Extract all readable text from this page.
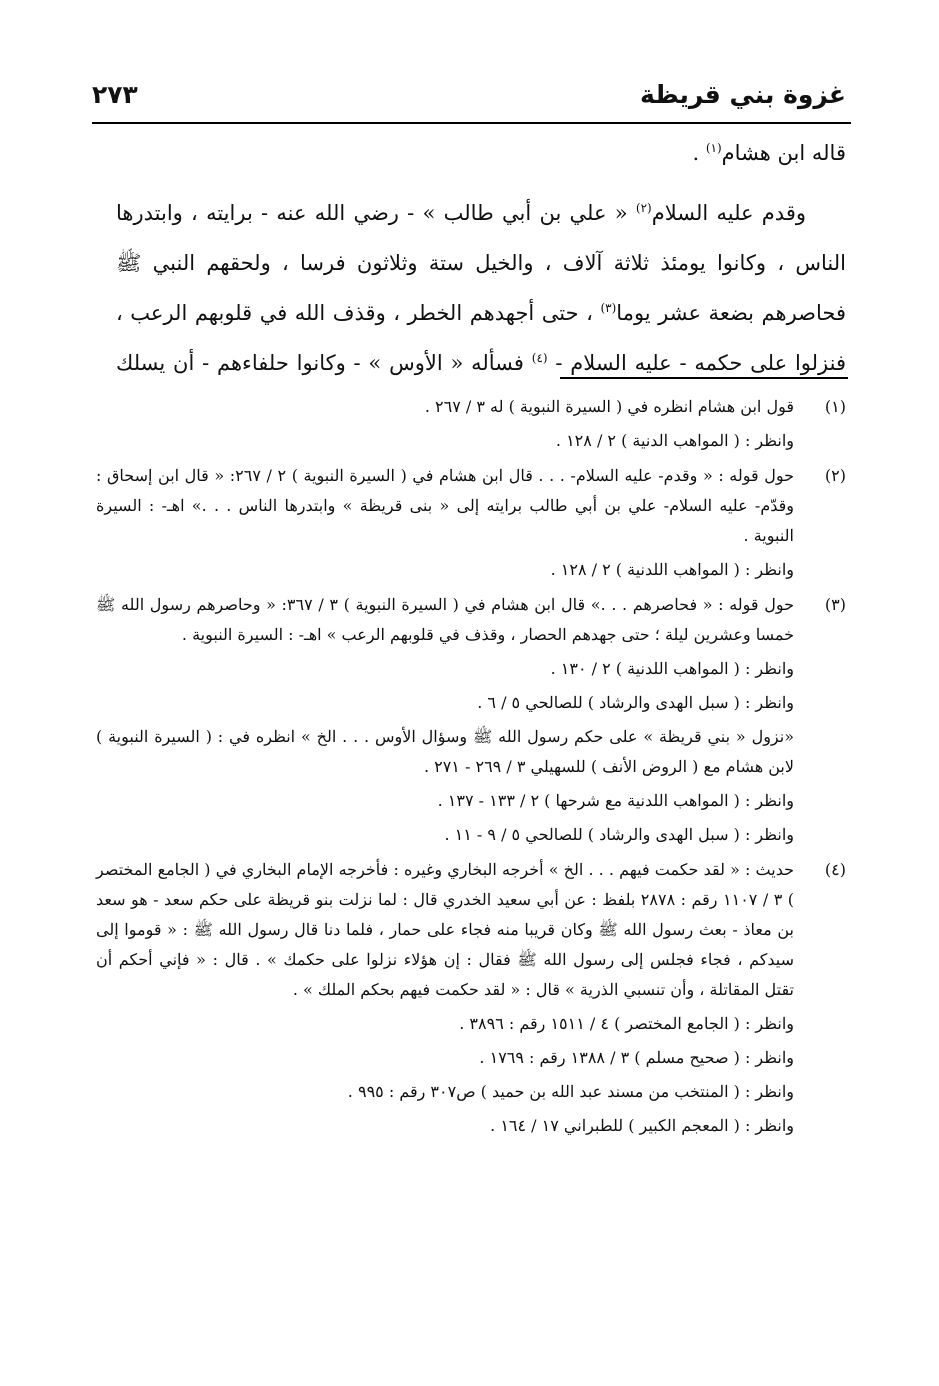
غزوة بني قريظة
٢٧٣

قاله ابن هشام$^{(١)}$ .

وقدم عليه السلام$^{(٢)}$ « علي بن أبي طالب » - رضي الله عنه - برايته ، وابتدرها الناس ، وكانوا يومئذ ثلاثة آلاف ، والخيل ستة وثلاثون فرسا ، ولحقهم النبي ﷺ فحاصرهم بضعة عشر يوما$^{(٣)}$ ، حتى أجهدهم الخطر ، وقذف الله في قلوبهم الرعب ، فنزلوا على حكمه - عليه السلام - $^{(٤)}$ فسأله « الأوس » - وكانوا حلفاءهم - أن يسلك

(١)
قول ابن هشام انظره في ( السيرة النبوية ) له ٣ / ٢٦٧ .
وانظر : ( المواهب الدنية ) ٢ / ١٢٨ .
(٢)
حول قوله : « وقدم- عليه السلام- . . . قال ابن هشام في ( السيرة النبوية ) ٢ / ٢٦٧: « قال ابن إسحاق : وقدّم- عليه السلام- علي بن أبي طالب برايته إلى « بنى قريظة » وابتدرها الناس . . .» اهـ- : السيرة النبوية .
وانظر : ( المواهب اللدنية ) ٢ / ١٢٨ .
(٣)
حول قوله : « فحاصرهم . . .» قال ابن هشام في ( السيرة النبوية ) ٣ / ٣٦٧: « وحاصرهم رسول الله ﷺ خمسا وعشرين ليلة ؛ حتى جهدهم الحصار ، وقذف في قلوبهم الرعب » اهـ- : السيرة النبوية .
وانظر : ( المواهب اللدنية ) ٢ / ١٣٠ .
وانظر : ( سبل الهدى والرشاد ) للصالحي ٥ / ٦ .
«نزول « بني قريظة » على حكم رسول الله ﷺ وسؤال الأوس . . . الخ » انظره في : ( السيرة النبوية ) لابن هشام مع ( الروض الأنف ) للسهيلي ٣ / ٢٦٩ - ٢٧١ .
وانظر : ( المواهب اللدنية مع شرحها ) ٢ / ١٣٣ - ١٣٧ .
وانظر : ( سبل الهدى والرشاد ) للصالحي ٥ / ٩ - ١١ .
(٤)
حديث : « لقد حكمت فيهم . . . الخ » أخرجه البخاري وغيره : فأخرجه الإمام البخاري في ( الجامع المختصر ) ٣ / ١١٠٧ رقم : ٢٨٧٨ بلفظ : عن أبي سعيد الخدري قال : لما نزلت بنو قريظة على حكم سعد - هو سعد بن معاذ - بعث رسول الله ﷺ وكان قريبا منه فجاء على حمار ، فلما دنا قال رسول الله ﷺ : « قوموا إلى سيدكم ، فجاء فجلس إلى رسول الله ﷺ فقال : إن هؤلاء نزلوا على حكمك » . قال : « فإني أحكم أن تقتل المقاتلة ، وأن تنسبي الذرية » قال : « لقد حكمت فيهم بحكم الملك » .
وانظر : ( الجامع المختصر ) ٤ / ١٥١١ رقم : ٣٨٩٦ .
وانظر : ( صحيح مسلم ) ٣ / ١٣٨٨ رقم : ١٧٦٩ .
وانظر : ( المنتخب من مسند عبد الله بن حميد ) ص٣٠٧ رقم : ٩٩٥ .
وانظر : ( المعجم الكبير ) للطبراني ١٧ / ١٦٤ .
